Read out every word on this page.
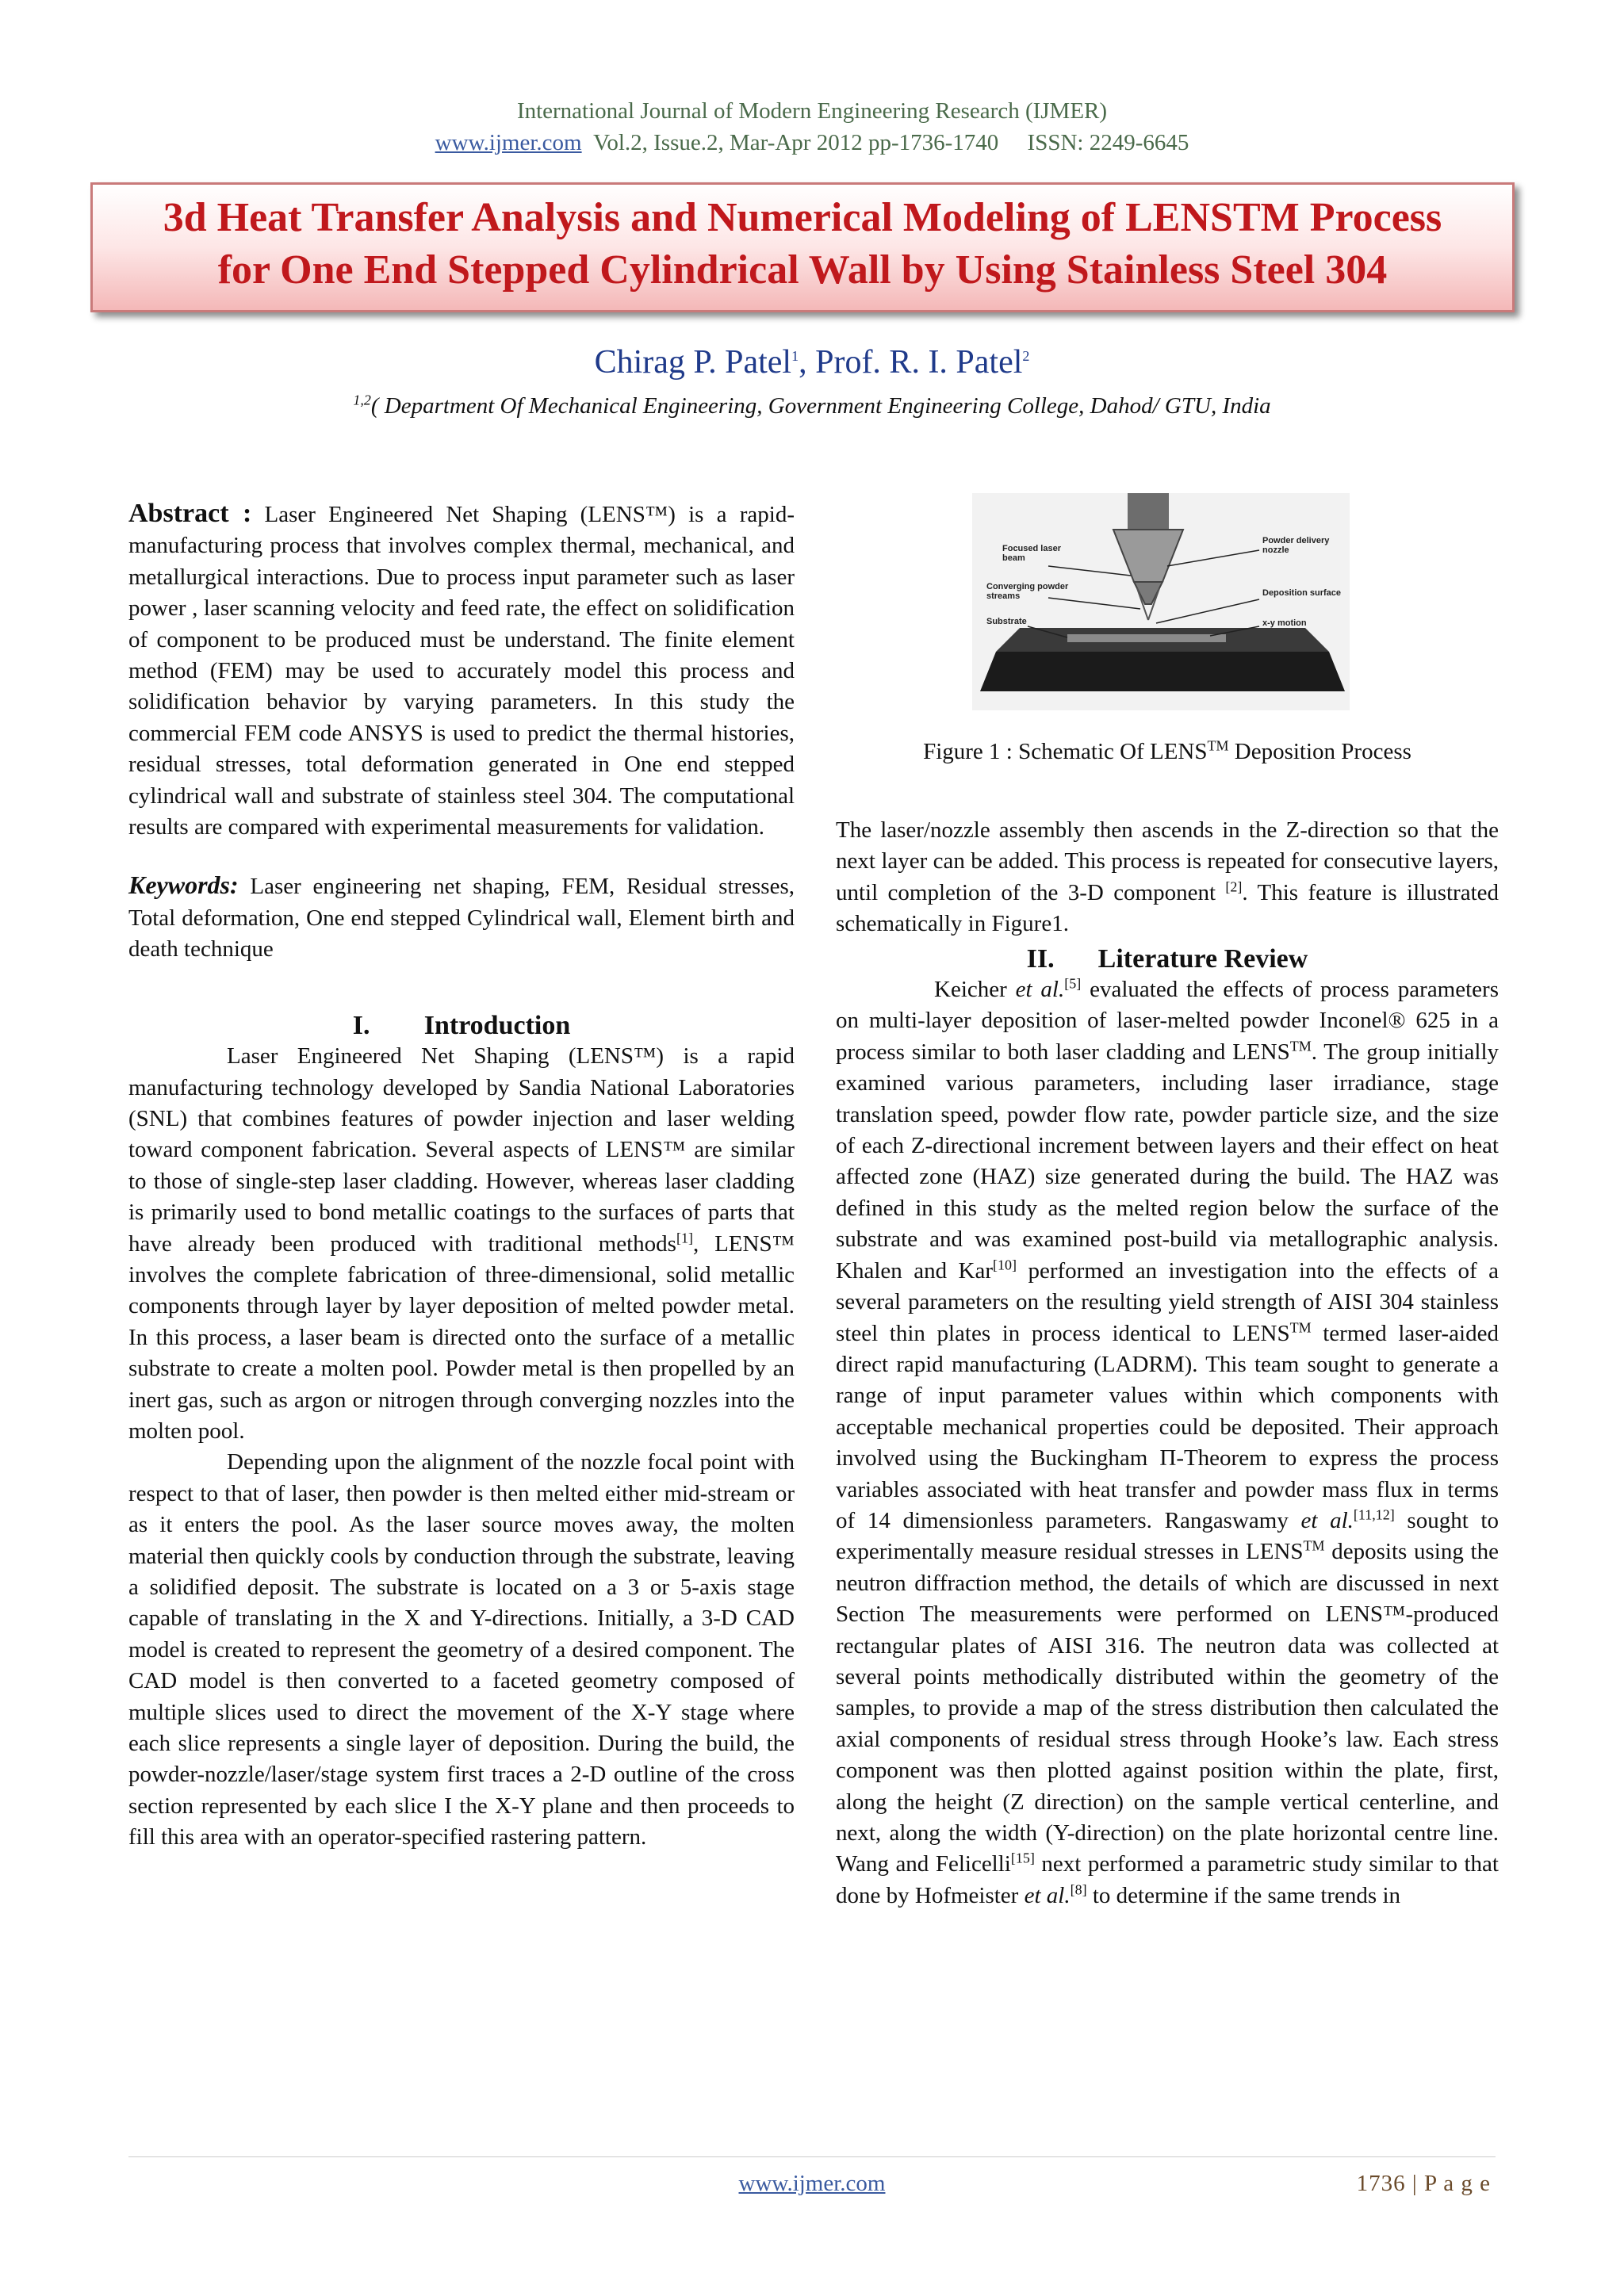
International Journal of Modern Engineering Research (IJMER)
www.ijmer.com Vol.2, Issue.2, Mar-Apr 2012 pp-1736-1740 ISSN: 2249-6645
3d Heat Transfer Analysis and Numerical Modeling of LENSTM Process
for One End Stepped Cylindrical Wall by Using Stainless Steel 304
Chirag P. Patel$^1$, Prof. R. I. Patel$^2$
$^{1,2}$( Department Of Mechanical Engineering, Government Engineering College, Dahod/ GTU, India

Abstract : Laser Engineered Net Shaping (LENS™) is a rapid-manufacturing process that involves complex thermal, mechanical, and metallurgical interactions. Due to process input parameter such as laser power , laser scanning velocity and feed rate, the effect on solidification of component to be produced must be understand. The finite element method (FEM) may be used to accurately model this process and solidification behavior by varying parameters. In this study the commercial FEM code ANSYS is used to predict the thermal histories, residual stresses, total deformation generated in One end stepped cylindrical wall and substrate of stainless steel 304. The computational results are compared with experimental measurements for validation.

Keywords: Laser engineering net shaping, FEM, Residual stresses, Total deformation, One end stepped Cylindrical wall, Element birth and death technique

I. Introduction

Laser Engineered Net Shaping (LENS™) is a rapid manufacturing technology developed by Sandia National Laboratories (SNL) that combines features of powder injection and laser welding toward component fabrication. Several aspects of LENS™ are similar to those of single-step laser cladding. However, whereas laser cladding is primarily used to bond metallic coatings to the surfaces of parts that have already been produced with traditional methods[1], LENS™ involves the complete fabrication of three-dimensional, solid metallic components through layer by layer deposition of melted powder metal. In this process, a laser beam is directed onto the surface of a metallic substrate to create a molten pool. Powder metal is then propelled by an inert gas, such as argon or nitrogen through converging nozzles into the molten pool.

Depending upon the alignment of the nozzle focal point with respect to that of laser, then powder is then melted either mid-stream or as it enters the pool. As the laser source moves away, the molten material then quickly cools by conduction through the substrate, leaving a solidified deposit. The substrate is located on a 3 or 5-axis stage capable of translating in the X and Y-directions. Initially, a 3-D CAD model is created to represent the geometry of a desired component. The CAD model is then converted to a faceted geometry composed of multiple slices used to direct the movement of the X-Y stage where each slice represents a single layer of deposition. During the build, the powder-nozzle/laser/stage system first traces a 2-D outline of the cross section represented by each slice I the X-Y plane and then proceeds to fill this area with an operator-specified rastering pattern.

Focused laser beam
Converging powder streams
Substrate
Powder delivery nozzle
Deposition surface
x-y motion
Figure 1 : Schematic Of LENS™ Deposition Process

The laser/nozzle assembly then ascends in the Z-direction so that the next layer can be added. This process is repeated for consecutive layers, until completion of the 3-D component [2]. This feature is illustrated schematically in Figure1.

II. Literature Review

Keicher et al.[5] evaluated the effects of process parameters on multi-layer deposition of laser-melted powder Inconel® 625 in a process similar to both laser cladding and LENS™. The group initially examined various parameters, including laser irradiance, stage translation speed, powder flow rate, powder particle size, and the size of each Z-directional increment between layers and their effect on heat affected zone (HAZ) size generated during the build. The HAZ was defined in this study as the melted region below the surface of the substrate and was examined post-build via metallographic analysis. Khalen and Kar[10] performed an investigation into the effects of a several parameters on the resulting yield strength of AISI 304 stainless steel thin plates in process identical to LENS™ termed laser-aided direct rapid manufacturing (LADRM). This team sought to generate a range of input parameter values within which components with acceptable mechanical properties could be deposited. Their approach involved using the Buckingham Π-Theorem to express the process variables associated with heat transfer and powder mass flux in terms of 14 dimensionless parameters. Rangaswamy et al.[11,12] sought to experimentally measure residual stresses in LENS™ deposits using the neutron diffraction method, the details of which are discussed in next Section The measurements were performed on LENS™-produced rectangular plates of AISI 316. The neutron data was collected at several points methodically distributed within the geometry of the samples, to provide a map of the stress distribution then calculated the axial components of residual stress through Hooke’s law. Each stress component was then plotted against position within the plate, first, along the height (Z direction) on the sample vertical centerline, and next, along the width (Y-direction) on the plate horizontal centre line. Wang and Felicelli[15] next performed a parametric study similar to that done by Hofmeister et al.[8] to determine if the same trends in

www.ijmer.com	1736 | P a g e
